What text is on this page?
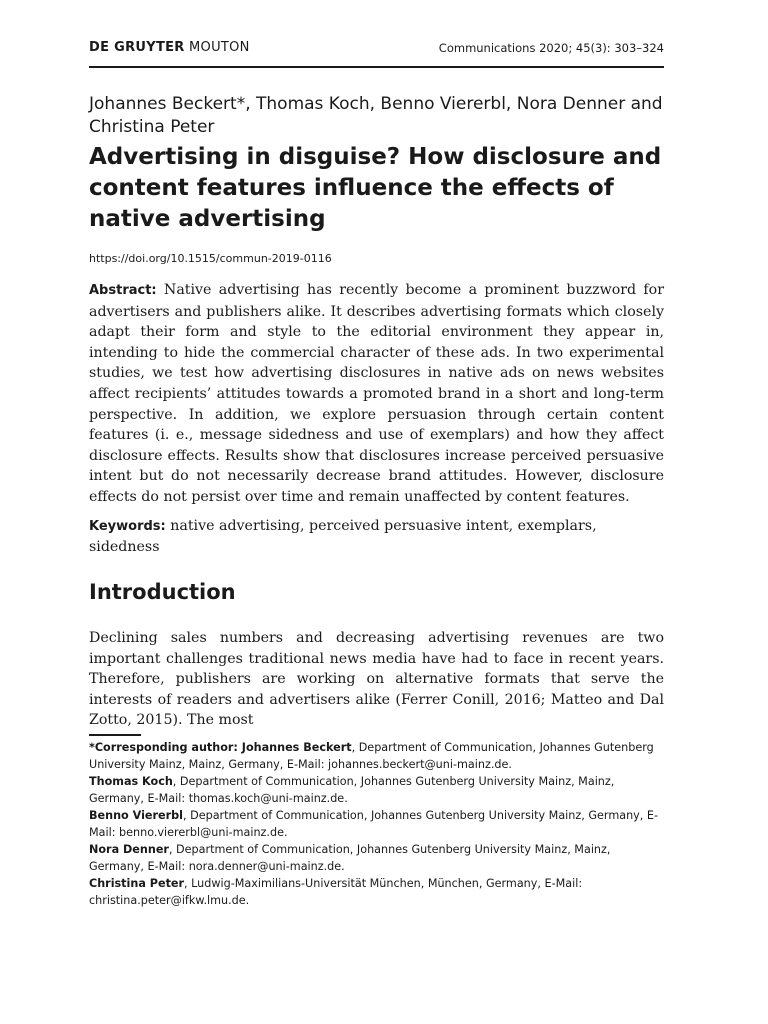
DE GRUYTER MOUTON	Communications 2020; 45(3): 303–324
Johannes Beckert*, Thomas Koch, Benno Viererbl, Nora Denner and Christina Peter
Advertising in disguise? How disclosure and content features influence the effects of native advertising
https://doi.org/10.1515/commun-2019-0116
Abstract: Native advertising has recently become a prominent buzzword for advertisers and publishers alike. It describes advertising formats which closely adapt their form and style to the editorial environment they appear in, intending to hide the commercial character of these ads. In two experimental studies, we test how advertising disclosures in native ads on news websites affect recipients’ attitudes towards a promoted brand in a short and long-term perspective. In addition, we explore persuasion through certain content features (i. e., message sidedness and use of exemplars) and how they affect disclosure effects. Results show that disclosures increase perceived persuasive intent but do not necessarily decrease brand attitudes. However, disclosure effects do not persist over time and remain unaffected by content features.
Keywords: native advertising, perceived persuasive intent, exemplars, sidedness
Introduction
Declining sales numbers and decreasing advertising revenues are two important challenges traditional news media have had to face in recent years. Therefore, publishers are working on alternative formats that serve the interests of readers and advertisers alike (Ferrer Conill, 2016; Matteo and Dal Zotto, 2015). The most

*Corresponding author: Johannes Beckert, Department of Communication, Johannes Gutenberg University Mainz, Mainz, Germany, E-Mail: johannes.beckert@uni-mainz.de.

Thomas Koch, Department of Communication, Johannes Gutenberg University Mainz, Mainz, Germany, E-Mail: thomas.koch@uni-mainz.de.

Benno Viererbl, Department of Communication, Johannes Gutenberg University Mainz, Germany, E-Mail: benno.viererbl@uni-mainz.de.

Nora Denner, Department of Communication, Johannes Gutenberg University Mainz, Mainz, Germany, E-Mail: nora.denner@uni-mainz.de.

Christina Peter, Ludwig-Maximilians-Universität München, München, Germany, E-Mail: christina.peter@ifkw.lmu.de.
